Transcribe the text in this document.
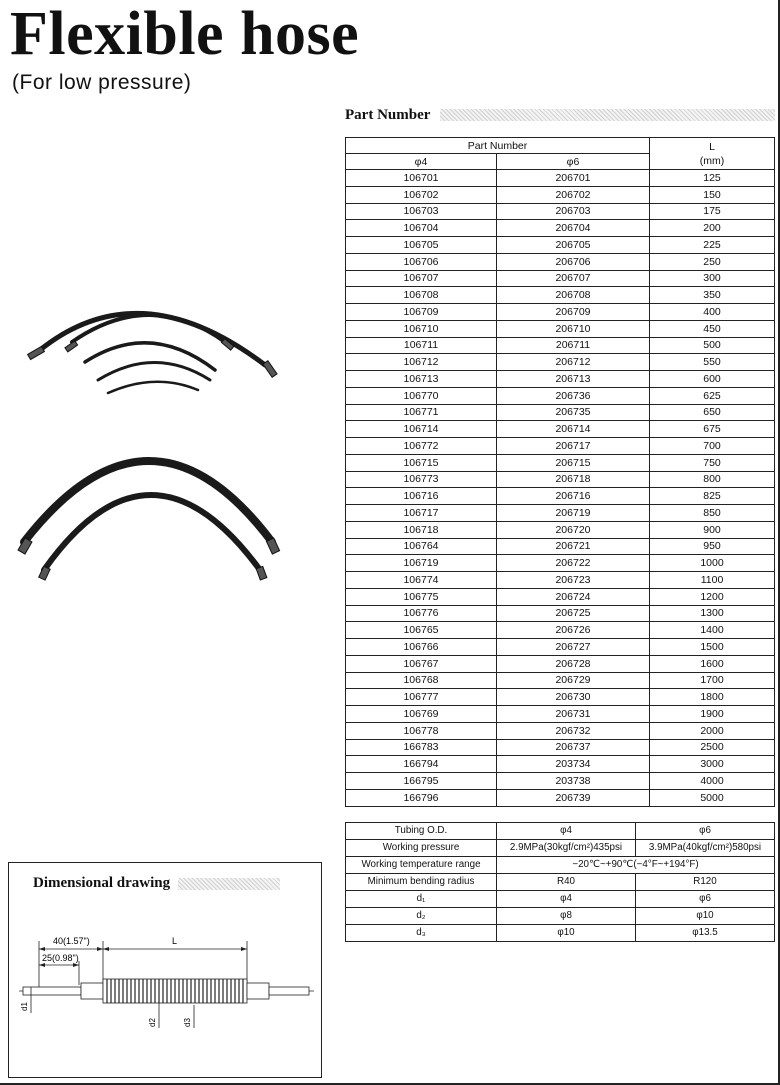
Flexible hose
(For low pressure)
Part Number
Part Number		L
(mm)

φ4	φ6	
106701	206701	125
106702	206702	150
106703	206703	175
106704	206704	200
106705	206705	225
106706	206706	250
106707	206707	300
106708	206708	350
106709	206709	400
106710	206710	450
106711	206711	500
106712	206712	550
106713	206713	600
106770	206736	625
106771	206735	650
106714	206714	675
106772	206717	700
106715	206715	750
106773	206718	800
106716	206716	825
106717	206719	850
106718	206720	900
106764	206721	950
106719	206722	1000
106774	206723	1100
106775	206724	1200
106776	206725	1300
106765	206726	1400
106766	206727	1500
106767	206728	1600
106768	206729	1700
106777	206730	1800
106769	206731	1900
106778	206732	2000
166783	206737	2500
166794	203734	3000
166795	203738	4000
166796	206739	5000
Tubing O.D.	φ4	φ6
Working pressure	2.9MPa(30kgf/cm²)435psi	3.9MPa(40kgf/cm²)580psi
Working temperature range	−20℃~+90℃(−4°F~+194°F)	
Minimum bending radius	R40	R120
d₁	φ4	φ6
d₂	φ8	φ10
d₃	φ10	φ13.5
Dimensional drawing
40(1.57")
25(0.98")
L
d1
d2	d3
